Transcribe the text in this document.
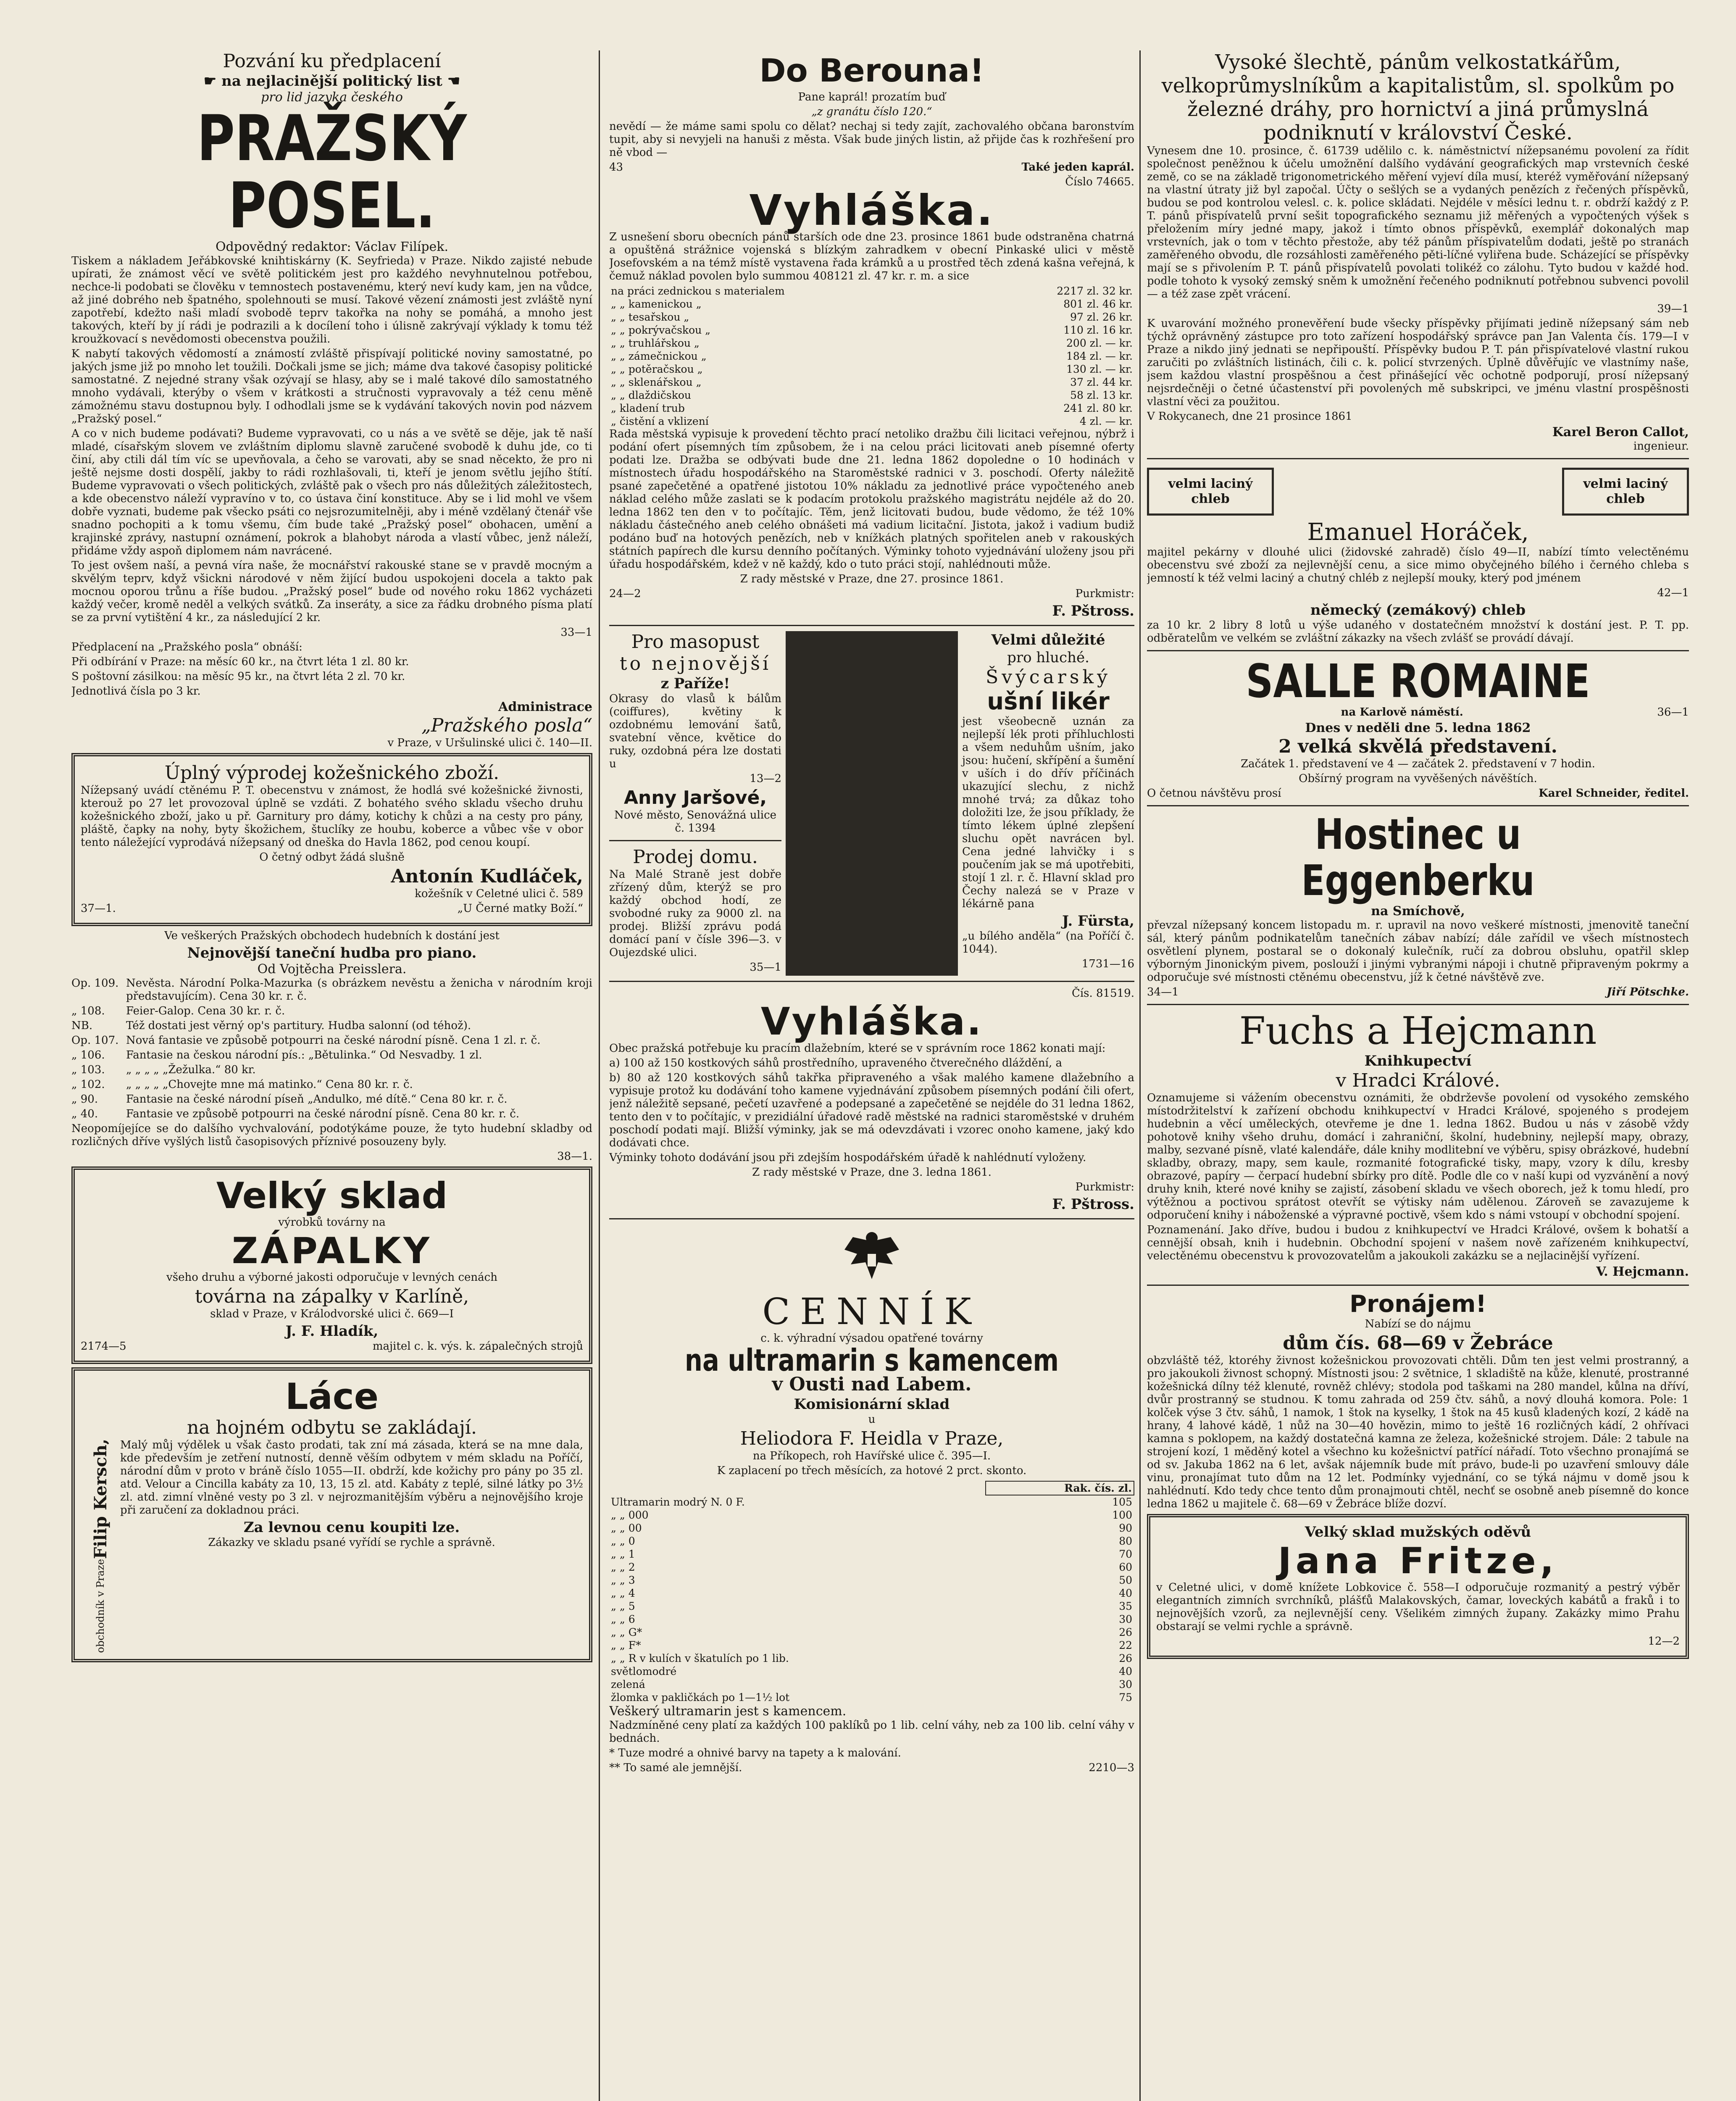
Pozvání ku předplacení
☛ na nejlacinější politický list ☚
pro lid jazyka českého
PRAŽSKÝ POSEL.
Odpovědný redaktor: Václav Filípek.

Tiskem a nákladem Jeřábkovské knihtiskárny (K. Seyfrieda) v Praze. Nikdo zajisté nebude upírati, že známost věcí ve světě politickém jest pro každého nevyhnutelnou potřebou, nechce-li podobati se člověku v temnostech postavenému, který neví kudy kam, jen na vůdce, až jiné dobrého neb špatného, spolehnouti se musí. Takové vězení známosti jest zvláště nyní zapotřebí, kdežto naši mladí svobodě teprv takořka na nohy se pomáhá, a mnoho jest takových, kteří by jí rádi je podrazili a k docílení toho i úlisně zakrývají výklady k tomu též kroužkovací s nevědomosti obecenstva použili.

K nabytí takových vědomostí a známostí zvláště přispívají politické noviny samostatné, po jakých jsme již po mnoho let toužili. Dočkali jsme se jich; máme dva takové časopisy politické samostatné. Z nejedné strany však ozývají se hlasy, aby se i malé takové dílo samostatného mnoho vydávali, kterýby o všem v krátkosti a stručnosti vypravovaly a též cenu měně zámožnému stavu dostupnou byly. I odhodlali jsme se k vydávání takových novin pod názvem „Pražský posel.“

A co v nich budeme podávati? Budeme vypravovati, co u nás a ve světě se děje, jak tě naší mladé, císařským slovem ve zvláštním diplomu slavně zaručené svobodě k duhu jde, co ti činí, aby ctili dál tím víc se upevňovala, a čeho se varovati, aby se snad něcekto, že pro ni ještě nejsme dosti dospělí, jakby to rádi rozhlašovali, ti, kteří je jenom světlu jejího štítí. Budeme vypravovati o všech politických, zvláště pak o všech pro nás důležitých záležitostech, a kde obecenstvo náleží vypravíno v to, co ústava činí konstituce. Aby se i lid mohl ve všem dobře vyznati, budeme pak všecko psáti co nejsrozumitelněji, aby i méně vzdělaný čtenář vše snadno pochopiti a k tomu všemu, čím bude také „Pražský posel“ obohacen, umění a krajinské zprávy, nastupní oznámení, pokrok a blahobyt národa a vlastí vůbec, jenž náleží, přidáme vždy aspoň diplomem nám navrácené.

To jest ovšem naší, a pevná víra naše, že mocnářství rakouské stane se v pravdě mocným a skvělým teprv, když všickni národové v něm žijící budou uspokojeni docela a takto pak mocnou oporou trůnu a říše budou. „Pražský posel“ bude od nového roku 1862 vycházeti každý večer, kromě neděl a velkých svátků. Za inseráty, a sice za řádku drobného písma platí se za první vytištění 4 kr., za následující 2 kr.

33—1
Předplacení na „Pražského posla“ obnáší:
Při odbírání v Praze: na měsíc 60 kr., na čtvrt léta 1 zl. 80 kr.
S poštovní zásilkou: na měsíc 95 kr., na čtvrt léta 2 zl. 70 kr.
Jednotlivá čísla po 3 kr.
Administrace
„Pražského posla“
v Praze, v Uršulinské ulici č. 140—II.
Úplný výprodej kožešnického zboží.

Nížepsaný uvádí ctěnému P. T. obecenstvu v známost, že hodlá své kožešnické živnosti, kterouž po 27 let provozoval úplně se vzdáti. Z bohatého svého skladu všecho druhu kožešnického zboží, jako u př. Garnitury pro dámy, kotichy k chůzi a na cesty pro pány, pláště, čapky na nohy, byty škožichem, štuclíky ze houbu, koberce a vůbec vše v obor tento náležející vyprodává nížepsaný od dneška do Havla 1862, pod cenou koupí.

O četný odbyt žádá slušně
Antonín Kudláček,
kožešník v Celetné ulici č. 589
37—1.	„U Černé matky Boží.“
Ve veškerých Pražských obchodech hudebních k dostání jest
Nejnovější taneční hudba pro piano.
Od Vojtěcha Preisslera.
Op. 109. Nevěsta. Národní Polka-Mazurka (s obrázkem nevěstu a ženicha v národním kroji představujícím). Cena 30 kr. r. č.
„ 108.	Feier-Galop. Cena 30 kr. r. č.
NB.	Též dostati jest věrný op's partitury. Hudba salonní (od téhož).
Op. 107. Nová fantasie ve způsobě potpourri na české národní písně. Cena 1 zl. r. č.
„ 106.	Fantasie na českou národní pís.: „Bětulinka.“ Od Nesvadby. 1 zl.
„ 103.	„ „ „ „ „Žežulka.“ 80 kr.
„ 102.	„ „ „ „ „Chovejte mne má matinko.“ Cena 80 kr. r. č.
„ 90.	Fantasie na české národní píseň „Andulko, mé dítě.“ Cena 80 kr. r. č.
„ 40.	Fantasie ve způsobě potpourri na české národní písně. Cena 80 kr. r. č.

Neopomíjejíce se do dalšího vychvalování, podotýkáme pouze, že tyto hudební skladby od rozličných dříve vyšlých listů časopisových příznivé posouzeny byly.

38—1.
Velký sklad
výrobků továrny na
ZÁPALKY
všeho druhu a výborné jakosti odporučuje v levných cenách
továrna na zápalky v Karlíně,
sklad v Praze, v Králodvorské ulici č. 669—I
J. F. Hladík,
2174—5	majitel c. k. výs. k. zápalečných strojů
Láce
na hojném odbytu se zakládají.
Filip Kersch,
obchodník v Praze

Malý můj výdělek u však často prodati, tak zní má zásada, která se na mne dala, kde především je zetření nutností, denně věším odbytem v mém skladu na Poříčí, národní dům v proto v bráně číslo 1055—II. obdrží, kde kožichy pro pány po 35 zl. atd. Velour a Cincilla kabáty za 10, 13, 15 zl. atd. Kabáty z teplé, silné látky po 3½ zl. atd. zimní vlněné vesty po 3 zl. v nejrozmanitějším výběru a nejnovějšího kroje při zaručení za dokladnou práci.

Za levnou cenu koupiti lze.
Zákazky ve skladu psané vyřídí se rychle a správně.
Do Berouna!
Pane kaprál! prozatím buď
„z granátu číslo 120.“

nevědí — že máme sami spolu co dělat? nechaj si tedy zajít, zachovalého občana baronstvím tupit, aby si nevyjeli na hanuši z města. Však bude jiných listin, až přijde čas k rozhřešení pro ně vbod —

43	Také jeden kaprál.
Číslo 74665.
Vyhláška.

Z usnešení sboru obecních pánů starších ode dne 23. prosince 1861 bude odstraněna chatrná a opuštěná strážnice vojenská s blízkým zahradkem v obecní Pinkaské ulici v městě Josefovském a na témž místě vystavena řada krámků a u prostřed těch zdená kašna veřejná, k čemuž náklad povolen bylo summou 408121 zl. 47 kr. r. m. a sice

na práci zednickou s materialem	2217 zl. 32 kr.
„ „ kamenickou „	801 zl. 46 kr.
„ „ tesařskou „	97 zl. 26 kr.
„ „ pokrývačskou „	110 zl. 16 kr.
„ „ truhlářskou „	200 zl. — kr.
„ „ zámečnickou „	184 zl. — kr.
„ „ potěračskou „	130 zl. — kr.
„ „ sklenářskou „	37 zl. 44 kr.
„ „ dlaždičskou	58 zl. 13 kr.
„ kladení trub	241 zl. 80 kr.
„ čistění a vklizení	4 zl. — kr.

Rada městská vypisuje k provedení těchto prací netoliko dražbu čili licitaci veřejnou, nýbrž i podání ofert písemných tím způsobem, že i na celou práci licitovati aneb písemné oferty podati lze. Dražba se odbývati bude dne 21. ledna 1862 dopoledne o 10 hodinách v místnostech úřadu hospodářského na Staroměstské radnici v 3. poschodí. Oferty náležitě psané zapečetěné a opatřené jistotou 10% nákladu za jednotlivé práce vypočteného aneb náklad celého může zaslati se k podacím protokolu pražského magistrátu nejdéle až do 20. ledna 1862 ten den v to počítajíc. Těm, jenž licitovati budou, bude vědomo, že též 10% nákladu částečného aneb celého obnášeti má vadium licitační. Jistota, jakož i vadium budiž podáno buď na hotových penězích, neb v knížkách platných spořitelen aneb v rakouských státních papírech dle kursu denního počítaných. Výminky tohoto vyjednávání uloženy jsou při úřadu hospodářském, kdež v ně každý, kdo o tuto práci stojí, nahlédnouti může.

Z rady městské v Praze, dne 27. prosince 1861.
24—2	Purkmistr:
F. Pštross.
Pro masopust
to nejnovější
z Paříže!

Okrasy do vlasů k bálům (coiffures), květiny k ozdobnému lemování šatů, svatební věnce, květice do ruky, ozdobná péra lze dostati u

13—2
Anny Jaršové,
Nové město, Senovážná ulice č. 1394
Prodej domu.

Na Malé Straně jest dobře zřízený dům, kterýž se pro každý obchod hodí, ze svobodné ruky za 9000 zl. na prodej. Bližší zprávu podá domácí paní v čísle 396—3. v Oujezdské ulici.

35—1
Velmi důležité
pro hluché.
Švýcarský
ušní likér

jest všeobecně uznán za nejlepší lék proti příhluchlosti a všem neduhům ušním, jako jsou: hučení, skřípění a šumění v uších i do dřív příčinách ukazující slechu, z nichž mnohé trvá; za důkaz toho doložiti lze, že jsou příklady, že tímto lékem úplné zlepšení sluchu opět navrácen byl. Cena jedné lahvičky i s poučením jak se má upotřebiti, stojí 1 zl. r. č. Hlavní sklad pro Čechy nalezá se v Praze v lékárně pana

J. Fürsta,
„u bílého anděla“ (na Poříčí č. 1044).
1731—16
Čís. 81519.
Vyhláška.

Obec pražská potřebuje ku pracím dlažebním, které se v správním roce 1862 konati mají:

a) 100 až 150 kostkových sáhů prostředního, upraveného čtverečného dláždění, a

b) 80 až 120 kostkových sáhů takřka připraveného a však malého kamene dlažebního a vypisuje protož ku dodávání toho kamene vyjednávání způsobem písemných podání čili ofert, jenž náležitě sepsané, pečetí uzavřené a podepsané a zapečetěné se nejdéle do 31 ledna 1862, tento den v to počítajíc, v prezidiální úřadové radě městské na radnici staroměstské v druhém poschodí podati mají. Bližší výminky, jak se má odevzdávati i vzorec onoho kamene, jaký kdo dodávati chce.

Výminky tohoto dodávání jsou při zdejším hospodářském úřadě k nahlédnutí vyloženy.

Z rady městské v Praze, dne 3. ledna 1861.
Purkmistr:
F. Pštross.
CENNÍK
c. k. výhradní výsadou opatřené továrny
na ultramarin s kamencem
v Ousti nad Labem.
Komisionární sklad
u
Heliodora F. Heidla v Praze,
na Příkopech, roh Havířské ulice č. 395—I.
K zaplacení po třech měsících, za hotové 2 prct. skonto.
	Rak. čís. zl.
Ultramarin modrý N. 0 F.	105
„ „ 000	100
„ „ 00	90
„ „ 0	80
„ „ 1	70
„ „ 2	60
„ „ 3	50
„ „ 4	40
„ „ 5	35
„ „ 6	30
„ „ G*	26
„ „ F*	22
„ „ R v kulích v škatulích po 1 lib.	26
světlomodré	40
zelená	30
žlomka v pakličkách po 1—1½ lot	75
Veškerý ultramarin jest s kamencem.
Nadzmíněné ceny platí za každých 100 paklíků po 1 lib. celní váhy, neb za 100 lib. celní váhy v bednách.
* Tuze modré a ohnivé barvy na tapety a k malování.
** To samé ale jemnější.	2210—3
Vysoké šlechtě, pánům velkostatkářům, velkoprůmyslníkům a kapitalistům, sl. spolkům po železné dráhy, pro hornictví a jiná průmyslná podniknutí v království České.

Vynesem dne 10. prosince, č. 61739 udělilo c. k. náměstnictví nížepsanému povolení za řídit společnost peněžnou k účelu umožnění dalšího vydávání geografických map vrstevních české země, co se na základě trigonometrického měření vyjeví díla musí, kteréž vyměřování nížepsaný na vlastní útraty již byl započal. Účty o sešlých se a vydaných penězích z řečených příspěvků, budou se pod kontrolou velesl. c. k. police skládati. Nejdéle v měsíci lednu t. r. obdrží každý z P. T. pánů přispívatelů první sešit topografického seznamu již měřených a vypočtených výšek s přeložením míry jedné mapy, jakož i tímto obnos příspěvků, exemplář dokonalých map vrstevních, jak o tom v těchto přestože, aby též pánům příspivatelům dodati, ještě po stranách zaměřeného obvodu, dle rozsáhlosti zaměřeného pěti-líčné vyliřena bude. Scházející se příspěvky mají se s přivolením P. T. pánů přispívatelů povolati tolikéž co zálohu. Tyto budou v každé hod. podle tohoto k vysoký zemský sněm k umožnění řečeného podniknutí potřebnou subvenci povolil — a též zase zpět vrácení.

39—1

K uvarování možného pronevěření bude všecky příspěvky přijímati jedině nížepsaný sám neb týchž oprávněný zástupce pro toto zařízení hospodářský správce pan Jan Valenta čís. 179—I v Praze a nikdo jiný jednati se nepřipouští. Příspěvky budou P. T. pán přispívatelové vlastní rukou zaručiti po zvláštních listinách, čili c. k. policí stvrzených. Úplně důvěřujíc ve vlastnímy naše, jsem každou vlastní prospěšnou a čest přinášející věc ochotně podporují, prosí nížepsaný nejsrdečněji o četné účastenství při povolených mě subskripci, ve jménu vlastní prospěšnosti vlastní věci za použitou.

V Rokycanech, dne 21 prosince 1861
Karel Beron Callot,
ingenieur.
velmi laciný chleb
velmi laciný chleb
Emanuel Horáček,

majitel pekárny v dlouhé ulici (židovské zahradě) číslo 49—II, nabízí tímto velectěnému obecenstvu své zboží za nejlevnější cenu, a sice mimo obyčejného bílého i černého chleba s jemností k též velmi laciný a chutný chléb z nejlepší mouky, který pod jménem

42—1
německý (zemákový) chleb

za 10 kr. 2 libry 8 lotů u výše udaného v dostatečném množství k dostání jest. P. T. pp. odběratelům ve velkém se zvláštní zákazky na všech zvlášť se provádí dávají.

SALLE ROMAINE
na Karlově náměstí.	36—1
Dnes v neděli dne 5. ledna 1862
2 velká skvělá představení.
Začátek 1. představení ve 4 — začátek 2. představení v 7 hodin.
Obšírný program na vyvěšených návěštích.
O četnou návštěvu prosí	Karel Schneider, ředitel.
Hostinec u Eggenberku
na Smíchově,

převzal nížepsaný koncem listopadu m. r. upravil na novo veškeré místnosti, jmenovitě taneční sál, který pánům podnikatelům tanečních zábav nabízí; dále zařídil ve všech místnostech osvětlení plynem, postaral se o dokonalý kulečník, ručí za dobrou obsluhu, opatřil sklep výborným Jinonickým pivem, poslouží i jinými vybranými nápoji i chutně připraveným pokrmy a odporučuje své místnosti ctěnému obecenstvu, jíž k četné návštěvě zve.

34—1	Jiří Pötschke.
Fuchs a Hejcmann
Knihkupectví
v Hradci Králové.

Oznamujeme si vážením obecenstvu oznámiti, že obdrževše povolení od vysokého zemského místodržitelství k zařízení obchodu knihkupectví v Hradci Králové, spojeného s prodejem hudebnin a věcí uměleckých, otevřeme je dne 1. ledna 1862. Budou u nás v zásobě vždy pohotově knihy všeho druhu, domácí i zahraniční, školní, hudebniny, nejlepší mapy, obrazy, malby, sezvané písně, vlaté kalendáře, dále knihy modlitební ve výběru, spisy obrázkové, hudební skladby, obrazy, mapy, sem kaule, rozmanité fotografické tisky, mapy, vzory k dílu, kresby obrazové, papíry — čerpací hudební sbírky pro dítě. Podle dle co v naší kupi od vyzvánění a nový druhy knih, které nové knihy se zajistí, zásobení skladu ve všech oborech, jež k tomu hledí, pro výtěžnou a poctivou sprátost otevřít se výtisky nám udělenou. Zároveň se zavazujeme k odporučení knihy i náboženské a výpravné poctivě, všem kdo s námi vstoupí v obchodní spojení.

Poznamenání. Jako dříve, budou i budou z knihkupectví ve Hradci Králové, ovšem k bohatší a cennější obsah, knih i hudebnin. Obchodní spojení v našem nově zařízeném knihkupectví, velectěnému obecenstvu k provozovatelům a jakoukoli zakázku se a nejlacinější vyřízení.

V. Hejcmann.
Pronájem!
Nabízí se do nájmu
dům čís. 68—69 v Žebráce

obzvláště též, ktoréhy živnost kožešnickou provozovati chtěli. Dům ten jest velmi prostranný, a pro jakoukoli živnost schopný. Místnosti jsou: 2 světnice, 1 skladiště na kůže, klenuté, prostranné kožešnická dílny též klenuté, rovněž chlévy; stodola pod taškami na 280 mandel, kůlna na dříví, dvůr prostranný se studnou. K tomu zahrada od 259 čtv. sáhů, a nový dlouhá komora. Pole: 1 kolček výse 3 čtv. sáhů, 1 namok, 1 štok na kyselky, 1 štok na 45 kusů kladených kozí, 2 kádě na hrany, 4 lahové kádě, 1 nůž na 30—40 hovězin, mimo to ještě 16 rozličných kádí, 2 ohřívaci kamna s poklopem, na každý dostatečná kamna ze železa, kožešnické strojem. Dále: 2 tabule na strojení kozí, 1 měděný kotel a všechno ku kožešnictví patřící nářadí. Toto všechno pronajímá se od sv. Jakuba 1862 na 6 let, avšak nájemník bude mít právo, bude-li po uzavření smlouvy dále vinu, pronajímat tuto dům na 12 let. Podmínky vyjednání, co se týká nájmu v domě jsou k nahlédnutí. Kdo tedy chce tento dům pronajmouti chtěl, nechť se osobně aneb písemně do konce ledna 1862 u majitele č. 68—69 v Žebráce blíže dozví.

Velký sklad mužských oděvů
Jana Fritze,

v Celetné ulici, v domě knížete Lobkovice č. 558—I odporučuje rozmanitý a pestrý výběr elegantních zimních svrchníků, plášťů Malakovských, čamar, loveckých kabátů a fraků i to nejnovějších vzorů, za nejlevnější ceny. Všelikém zimných župany. Zakázky mimo Prahu obstarají se velmi rychle a správně.

12—2
